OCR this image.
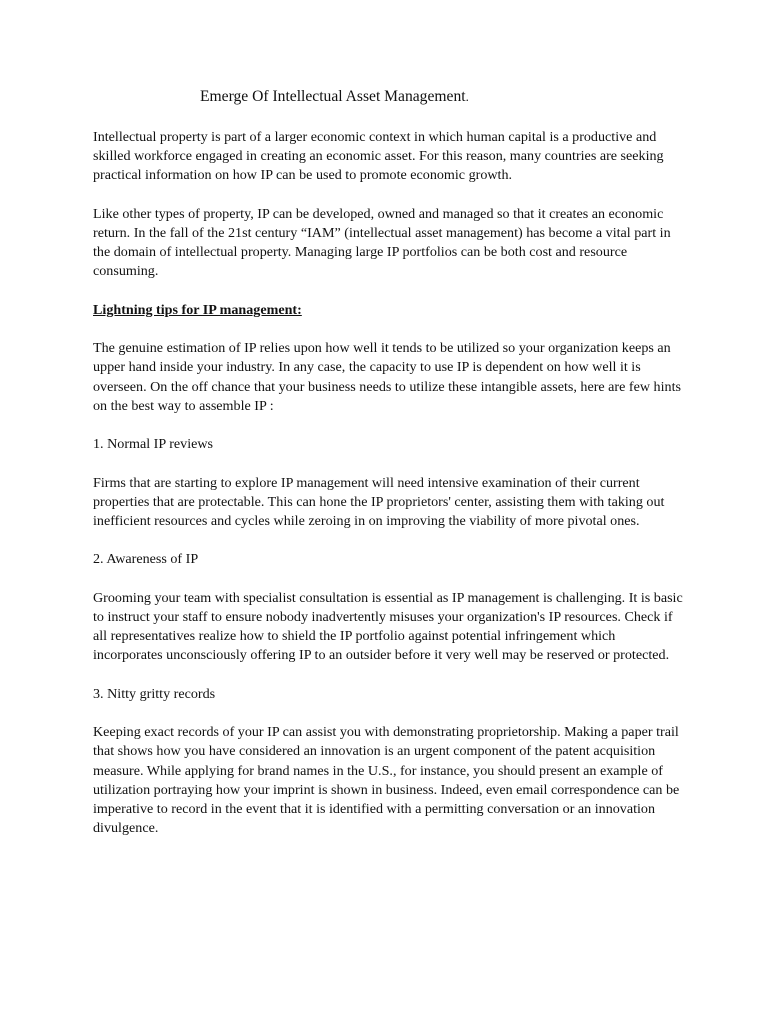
Emerge Of Intellectual Asset Management.

Intellectual property is part of a larger economic context in which human capital is a productive and skilled workforce engaged in creating an economic asset. For this reason, many countries are seeking practical information on how IP can be used to promote economic growth.

Like other types of property, IP can be developed, owned and managed so that it creates an economic return. In the fall of the 21st century “IAM” (intellectual asset management) has become a vital part in the domain of intellectual property. Managing large IP portfolios can be both cost and resource consuming.

Lightning tips for IP management:

The genuine estimation of IP relies upon how well it tends to be utilized so your organization keeps an upper hand inside your industry. In any case, the capacity to use IP is dependent on how well it is overseen. On the off chance that your business needs to utilize these intangible assets, here are few hints on the best way to assemble IP :

1. Normal IP reviews

Firms that are starting to explore IP management will need intensive examination of their current properties that are protectable. This can hone the IP proprietors' center, assisting them with taking out inefficient resources and cycles while zeroing in on improving the viability of more pivotal ones.

2. Awareness of IP

Grooming your team with specialist consultation is essential as IP management is challenging. It is basic to instruct your staff to ensure nobody inadvertently misuses your organization's IP resources. Check if all representatives realize how to shield the IP portfolio against potential infringement which incorporates unconsciously offering IP to an outsider before it very well may be reserved or protected.

3. Nitty gritty records

Keeping exact records of your IP can assist you with demonstrating proprietorship. Making a paper trail that shows how you have considered an innovation is an urgent component of the patent acquisition measure. While applying for brand names in the U.S., for instance, you should present an example of utilization portraying how your imprint is shown in business. Indeed, even email correspondence can be imperative to record in the event that it is identified with a permitting conversation or an innovation divulgence.
